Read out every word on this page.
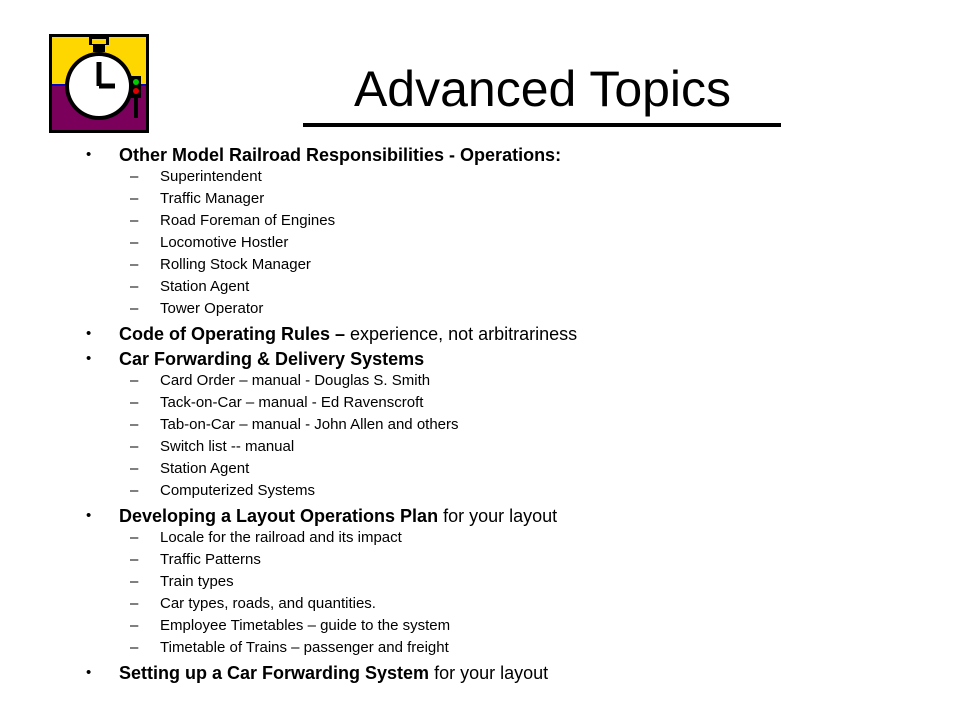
Advanced Topics
• Other Model Railroad Responsibilities - Operations:
– Superintendent
– Traffic Manager
– Road Foreman of Engines
– Locomotive Hostler
– Rolling Stock Manager
– Station Agent
– Tower Operator
• Code of Operating Rules – experience, not arbitrariness
• Car Forwarding & Delivery Systems
– Card Order – manual - Douglas S. Smith
– Tack-on-Car – manual - Ed Ravenscroft
– Tab-on-Car – manual - John Allen and others
– Switch list -- manual
– Station Agent
– Computerized Systems
• Developing a Layout Operations Plan for your layout
– Locale for the railroad and its impact
– Traffic Patterns
– Train types
– Car types, roads, and quantities.
– Employee Timetables – guide to the system
– Timetable of Trains – passenger and freight
• Setting up a Car Forwarding System for your layout
